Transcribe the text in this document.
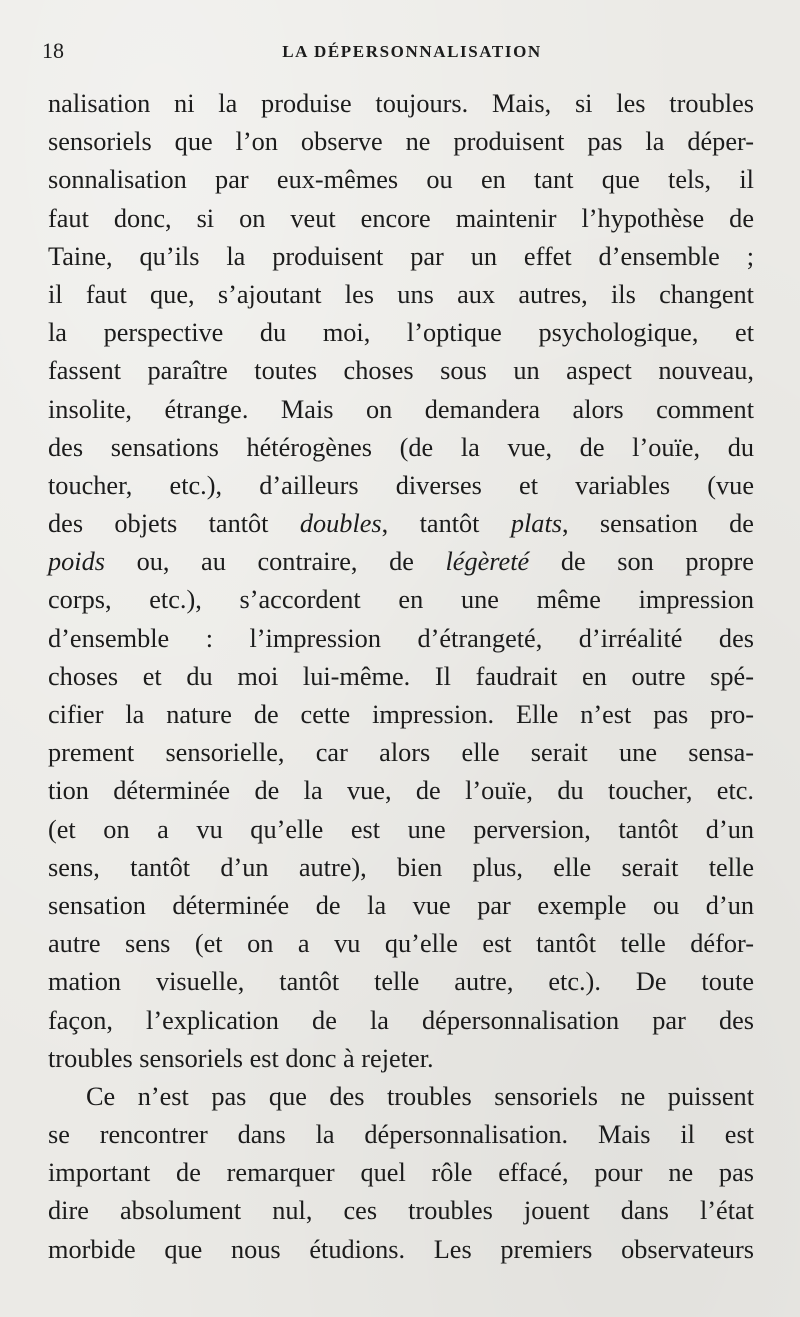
18	LA DÉPERSONNALISATION
nalisation ni la produise toujours. Mais, si les troubles
sensoriels que l’on observe ne produisent pas la déper-
sonnalisation par eux-mêmes ou en tant que tels, il
faut donc, si on veut encore maintenir l’hypothèse de
Taine, qu’ils la produisent par un effet d’ensemble ;
il faut que, s’ajoutant les uns aux autres, ils changent
la perspective du moi, l’optique psychologique, et
fassent paraître toutes choses sous un aspect nouveau,
insolite, étrange. Mais on demandera alors comment
des sensations hétérogènes (de la vue, de l’ouïe, du
toucher, etc.), d’ailleurs diverses et variables (vue
des objets tantôt doubles, tantôt plats, sensation de
poids ou, au contraire, de légèreté de son propre
corps, etc.), s’accordent en une même impression
d’ensemble : l’impression d’étrangeté, d’irréalité des
choses et du moi lui-même. Il faudrait en outre spé-
cifier la nature de cette impression. Elle n’est pas pro-
prement sensorielle, car alors elle serait une sensa-
tion déterminée de la vue, de l’ouïe, du toucher, etc.
(et on a vu qu’elle est une perversion, tantôt d’un
sens, tantôt d’un autre), bien plus, elle serait telle
sensation déterminée de la vue par exemple ou d’un
autre sens (et on a vu qu’elle est tantôt telle défor-
mation visuelle, tantôt telle autre, etc.). De toute
façon, l’explication de la dépersonnalisation par des
troubles sensoriels est donc à rejeter.
Ce n’est pas que des troubles sensoriels ne puissent
se rencontrer dans la dépersonnalisation. Mais il est
important de remarquer quel rôle effacé, pour ne pas
dire absolument nul, ces troubles jouent dans l’état
morbide que nous étudions. Les premiers observateurs
